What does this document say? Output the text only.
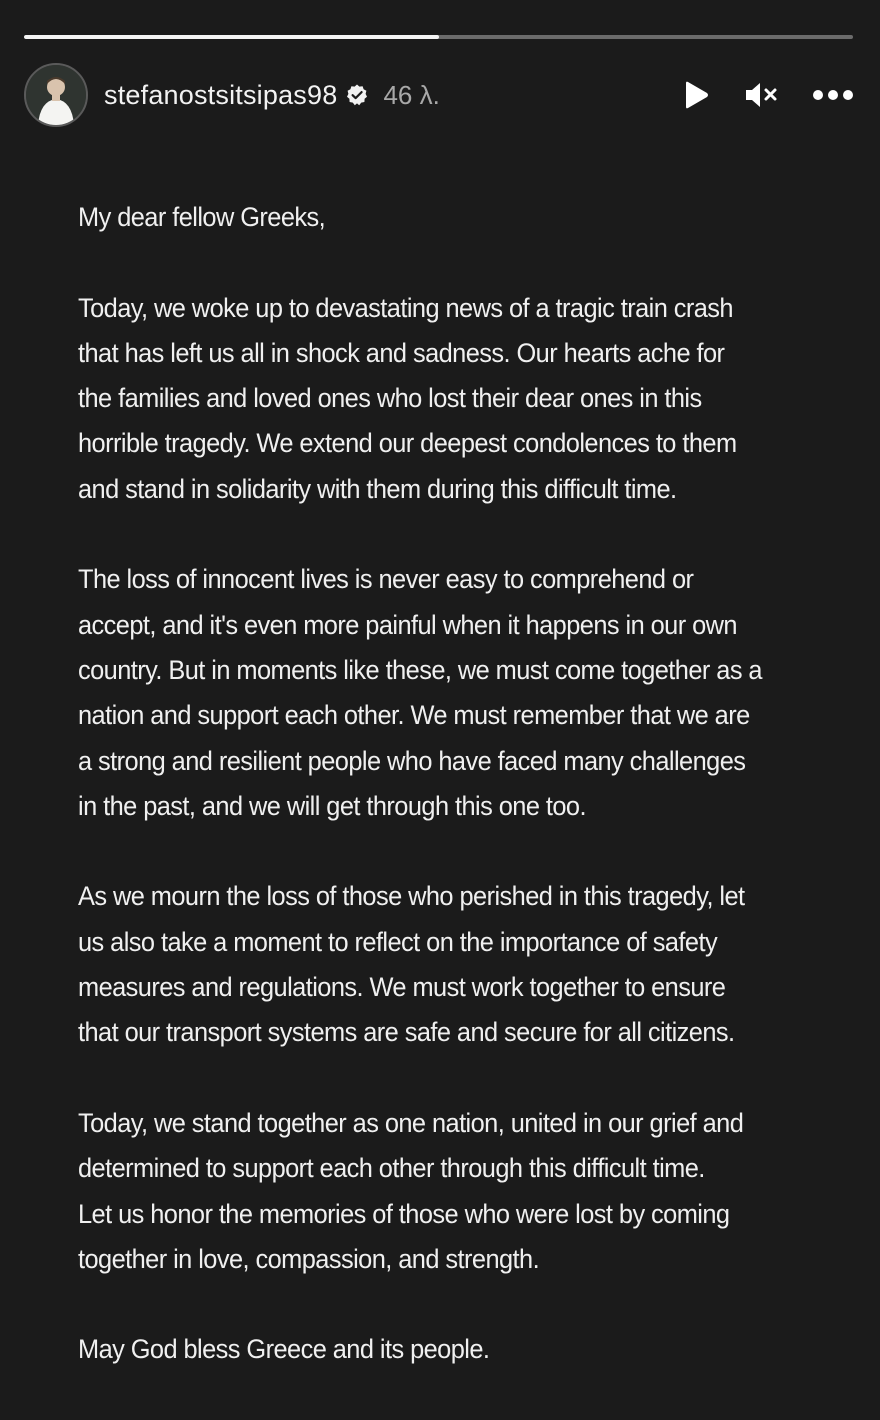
stefanostsitsipas98 46 λ.

My dear fellow Greeks,

Today, we woke up to devastating news of a tragic train crash
that has left us all in shock and sadness. Our hearts ache for
the families and loved ones who lost their dear ones in this
horrible tragedy. We extend our deepest condolences to them
and stand in solidarity with them during this difficult time.

The loss of innocent lives is never easy to comprehend or
accept, and it's even more painful when it happens in our own
country. But in moments like these, we must come together as a
nation and support each other. We must remember that we are
a strong and resilient people who have faced many challenges
in the past, and we will get through this one too.

As we mourn the loss of those who perished in this tragedy, let
us also take a moment to reflect on the importance of safety
measures and regulations. We must work together to ensure
that our transport systems are safe and secure for all citizens.

Today, we stand together as one nation, united in our grief and
determined to support each other through this difficult time.
Let us honor the memories of those who were lost by coming
together in love, compassion, and strength.

May God bless Greece and its people.
